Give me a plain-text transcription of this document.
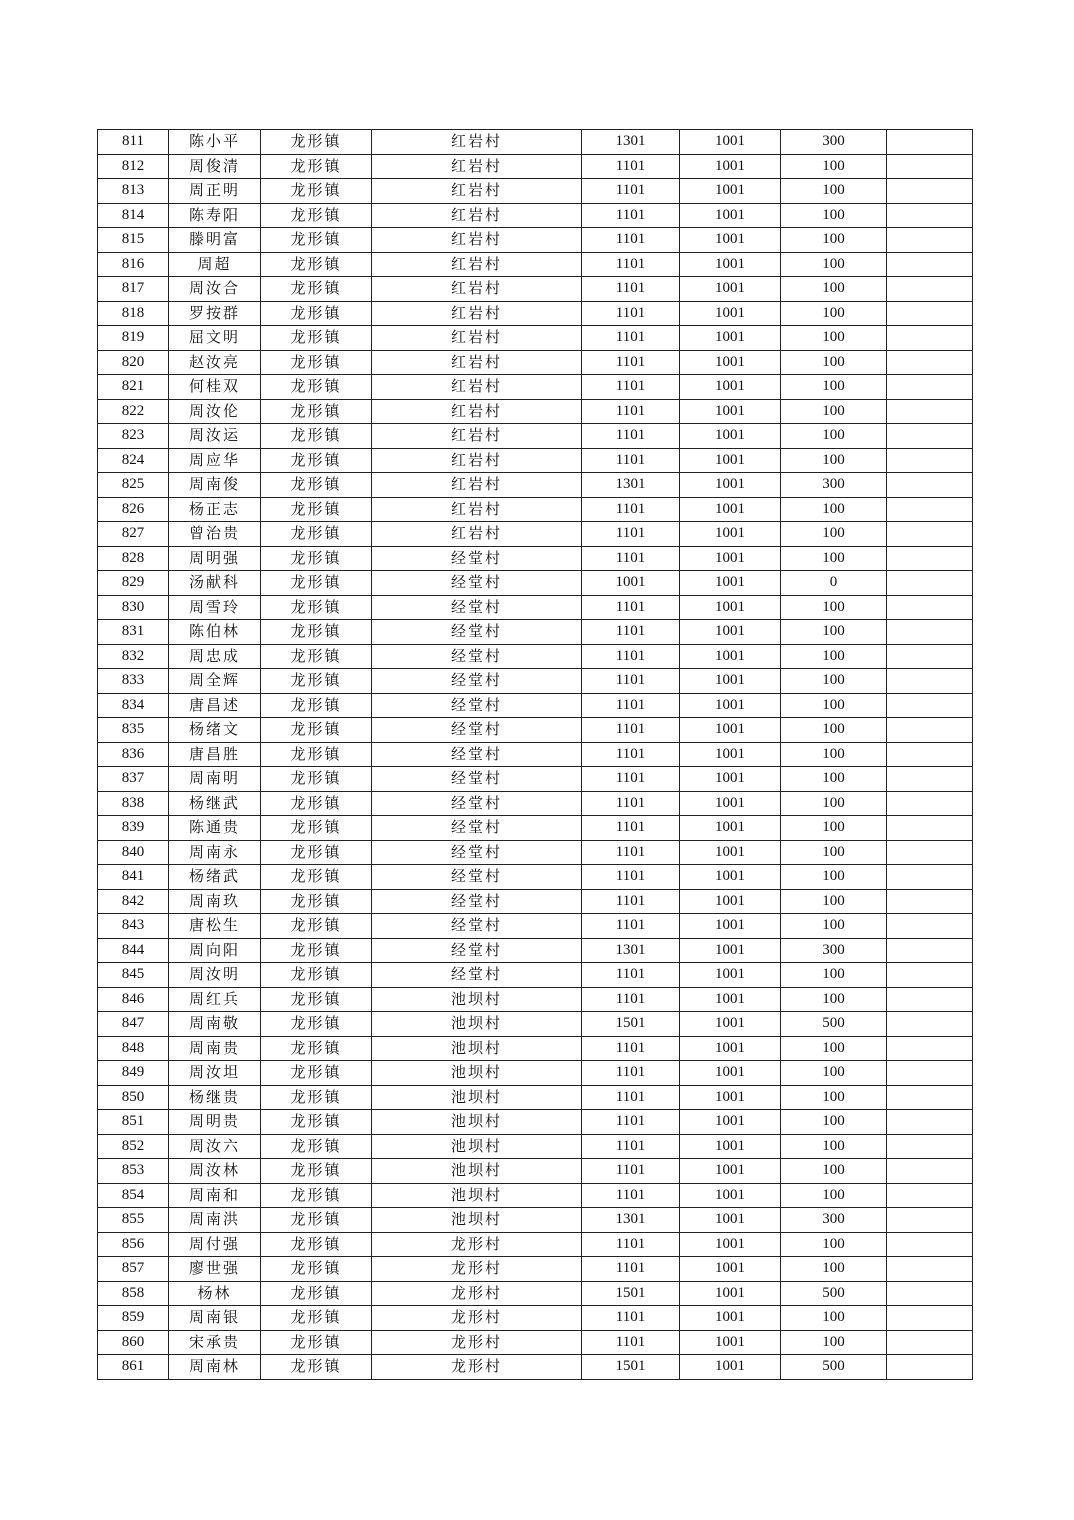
811	陈小平	龙形镇	红岩村	1301	1001	300	
812	周俊清	龙形镇	红岩村	1101	1001	100	
813	周正明	龙形镇	红岩村	1101	1001	100	
814	陈寿阳	龙形镇	红岩村	1101	1001	100	
815	滕明富	龙形镇	红岩村	1101	1001	100	
816	周超	龙形镇	红岩村	1101	1001	100	
817	周汝合	龙形镇	红岩村	1101	1001	100	
818	罗按群	龙形镇	红岩村	1101	1001	100	
819	屈文明	龙形镇	红岩村	1101	1001	100	
820	赵汝亮	龙形镇	红岩村	1101	1001	100	
821	何桂双	龙形镇	红岩村	1101	1001	100	
822	周汝伦	龙形镇	红岩村	1101	1001	100	
823	周汝运	龙形镇	红岩村	1101	1001	100	
824	周应华	龙形镇	红岩村	1101	1001	100	
825	周南俊	龙形镇	红岩村	1301	1001	300	
826	杨正志	龙形镇	红岩村	1101	1001	100	
827	曾治贵	龙形镇	红岩村	1101	1001	100	
828	周明强	龙形镇	经堂村	1101	1001	100	
829	汤献科	龙形镇	经堂村	1001	1001	0	
830	周雪玲	龙形镇	经堂村	1101	1001	100	
831	陈伯林	龙形镇	经堂村	1101	1001	100	
832	周忠成	龙形镇	经堂村	1101	1001	100	
833	周全辉	龙形镇	经堂村	1101	1001	100	
834	唐昌述	龙形镇	经堂村	1101	1001	100	
835	杨绪文	龙形镇	经堂村	1101	1001	100	
836	唐昌胜	龙形镇	经堂村	1101	1001	100	
837	周南明	龙形镇	经堂村	1101	1001	100	
838	杨继武	龙形镇	经堂村	1101	1001	100	
839	陈通贵	龙形镇	经堂村	1101	1001	100	
840	周南永	龙形镇	经堂村	1101	1001	100	
841	杨绪武	龙形镇	经堂村	1101	1001	100	
842	周南玖	龙形镇	经堂村	1101	1001	100	
843	唐松生	龙形镇	经堂村	1101	1001	100	
844	周向阳	龙形镇	经堂村	1301	1001	300	
845	周汝明	龙形镇	经堂村	1101	1001	100	
846	周红兵	龙形镇	池坝村	1101	1001	100	
847	周南敬	龙形镇	池坝村	1501	1001	500	
848	周南贵	龙形镇	池坝村	1101	1001	100	
849	周汝坦	龙形镇	池坝村	1101	1001	100	
850	杨继贵	龙形镇	池坝村	1101	1001	100	
851	周明贵	龙形镇	池坝村	1101	1001	100	
852	周汝六	龙形镇	池坝村	1101	1001	100	
853	周汝林	龙形镇	池坝村	1101	1001	100	
854	周南和	龙形镇	池坝村	1101	1001	100	
855	周南洪	龙形镇	池坝村	1301	1001	300	
856	周付强	龙形镇	龙形村	1101	1001	100	
857	廖世强	龙形镇	龙形村	1101	1001	100	
858	杨林	龙形镇	龙形村	1501	1001	500	
859	周南银	龙形镇	龙形村	1101	1001	100	
860	宋承贵	龙形镇	龙形村	1101	1001	100	
861	周南林	龙形镇	龙形村	1501	1001	500	
